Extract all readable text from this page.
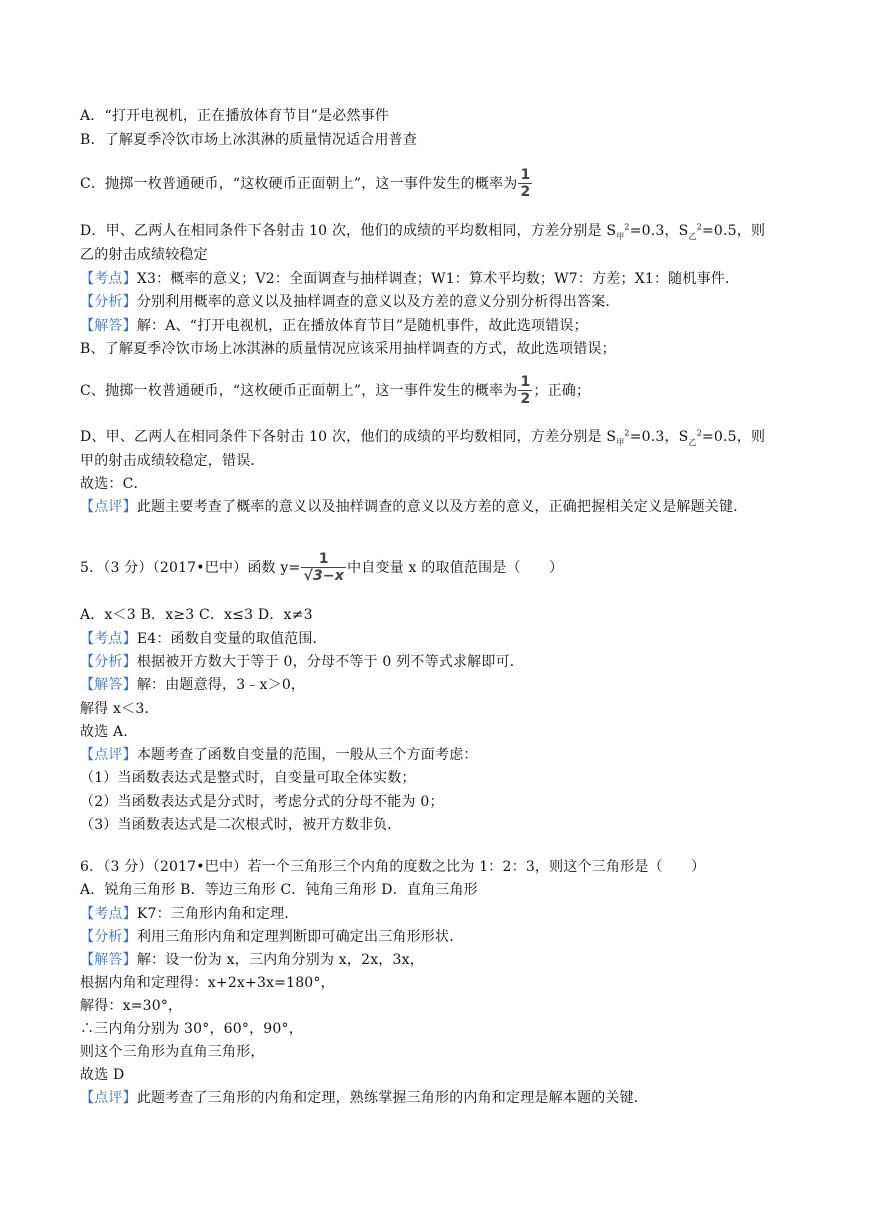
A．“打开电视机，正在播放体育节目”是必然事件
B．了解夏季冷饮市场上冰淇淋的质量情况适合用普查
C．抛掷一枚普通硬币，“这枚硬币正面朝上”，这一事件发生的概率为 $\frac{1}{2}$
D．甲、乙两人在相同条件下各射击 10 次，他们的成绩的平均数相同，方差分别是 $S_甲^2=0.3$，$S_乙^2=0.5$，则
乙的射击成绩较稳定
【考点】X3：概率的意义；V2：全面调查与抽样调查；W1：算术平均数；W7：方差；X1：随机事件．
【分析】分别利用概率的意义以及抽样调查的意义以及方差的意义分别分析得出答案．
【解答】解：A、“打开电视机，正在播放体育节目”是随机事件，故此选项错误；
B、了解夏季冷饮市场上冰淇淋的质量情况应该采用抽样调查的方式，故此选项错误；
C、抛掷一枚普通硬币，“这枚硬币正面朝上”，这一事件发生的概率为 $\frac{1}{2}$ ；正确；
D、甲、乙两人在相同条件下各射击 10 次，他们的成绩的平均数相同，方差分别是 $S_甲^2=0.3$，$S_乙^2=0.5$，则
甲的射击成绩较稳定，错误．
故选：C．
【点评】此题主要考查了概率的意义以及抽样调查的意义以及方差的意义，正确把握相关定义是解题关键．
5．（3 分）（2017•巴中）函数 $y= \frac{1}{√3-x}$ 中自变量 x 的取值范围是（　　）
A．x＜3 B．x≥3 C．x≤3 D．x≠3
【考点】E4：函数自变量的取值范围．
【分析】根据被开方数大于等于 0，分母不等于 0 列不等式求解即可．
【解答】解：由题意得，3﹣x＞0，
解得 x＜3．
故选 A．
【点评】本题考查了函数自变量的范围，一般从三个方面考虑：
（1）当函数表达式是整式时，自变量可取全体实数；
（2）当函数表达式是分式时，考虑分式的分母不能为 0；
（3）当函数表达式是二次根式时，被开方数非负．
6．（3 分）（2017•巴中）若一个三角形三个内角的度数之比为 1：2：3，则这个三角形是（　　）
A．锐角三角形 B．等边三角形 C．钝角三角形 D．直角三角形
【考点】K7：三角形内角和定理．
【分析】利用三角形内角和定理判断即可确定出三角形形状．
【解答】解：设一份为 x，三内角分别为 x，2x，3x，
根据内角和定理得：x+2x+3x=180°，
解得：x=30°，
∴三内角分别为 30°，60°，90°，
则这个三角形为直角三角形，
故选 D
【点评】此题考查了三角形的内角和定理，熟练掌握三角形的内角和定理是解本题的关键．
